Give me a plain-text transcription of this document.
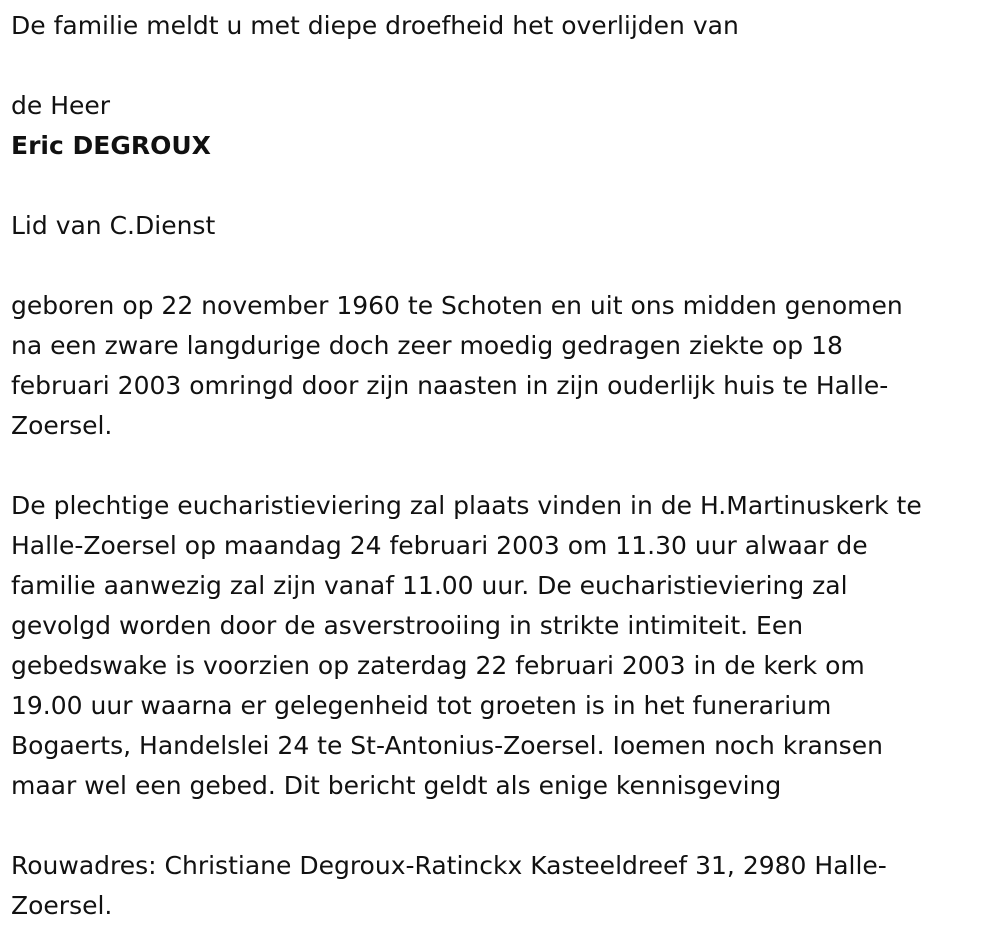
De familie meldt u met diepe droefheid het overlijden van
de Heer
Eric DEGROUX
Lid van C.Dienst
geboren op 22 november 1960 te Schoten en uit ons midden genomen
na een zware langdurige doch zeer moedig gedragen ziekte op 18
februari 2003 omringd door zijn naasten in zijn ouderlijk huis te Halle-
Zoersel.
De plechtige eucharistieviering zal plaats vinden in de H.Martinuskerk te
Halle-Zoersel op maandag 24 februari 2003 om 11.30 uur alwaar de
familie aanwezig zal zijn vanaf 11.00 uur. De eucharistieviering zal
gevolgd worden door de asverstrooiing in strikte intimiteit. Een
gebedswake is voorzien op zaterdag 22 februari 2003 in de kerk om
19.00 uur waarna er gelegenheid tot groeten is in het funerarium
Bogaerts, Handelslei 24 te St-Antonius-Zoersel. Ioemen noch kransen
maar wel een gebed. Dit bericht geldt als enige kennisgeving
Rouwadres: Christiane Degroux-Ratinckx Kasteeldreef 31, 2980 Halle-
Zoersel.
